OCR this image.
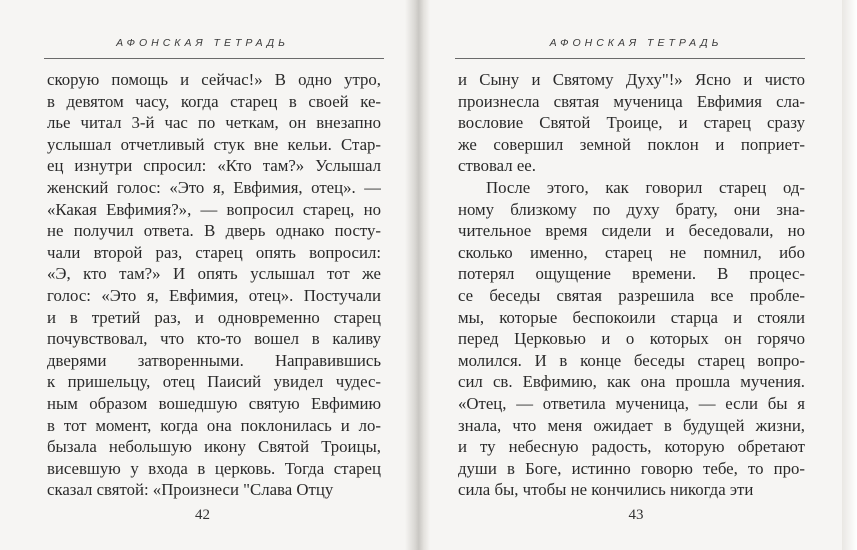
АФОНСКАЯ ТЕТРАДЬ
скорую помощь и сейчас!» В одно утро,
в девятом часу, когда старец в своей ке-
лье читал 3-й час по четкам, он внезапно
услышал отчетливый стук вне кельи. Стар-
ец изнутри спросил: «Кто там?» Услышал
женский голос: «Это я, Евфимия, отец». —
«Какая Евфимия?», — вопросил старец, но
не получил ответа. В дверь однако посту-
чали второй раз, старец опять вопросил:
«Э, кто там?» И опять услышал тот же
голос: «Это я, Евфимия, отец». Постучали
и в третий раз, и одновременно старец
почувствовал, что кто-то вошел в каливу
дверями затворенными. Направившись
к пришельцу, отец Паисий увидел чудес-
ным образом вошедшую святую Евфимию
в тот момент, когда она поклонилась и ло-
бызала небольшую икону Святой Троицы,
висевшую у входа в церковь. Тогда старец
сказал святой: «Произнеси "Слава Отцу
42
АФОНСКАЯ ТЕТРАДЬ
и Сыну и Святому Духу"!» Ясно и чисто
произнесла святая мученица Евфимия сла-
вословие Святой Троице, и старец сразу
же совершил земной поклон и поприет-
ствовал ее.
После этого, как говорил старец од-
ному близкому по духу брату, они зна-
чительное время сидели и беседовали, но
сколько именно, старец не помнил, ибо
потерял ощущение времени. В процес-
се беседы святая разрешила все пробле-
мы, которые беспокоили старца и стояли
перед Церковью и о которых он горячо
молился. И в конце беседы старец вопро-
сил св. Евфимию, как она прошла мучения.
«Отец, — ответила мученица, — если бы я
знала, что меня ожидает в будущей жизни,
и ту небесную радость, которую обретают
души в Боге, истинно говорю тебе, то про-
сила бы, чтобы не кончились никогда эти
43
